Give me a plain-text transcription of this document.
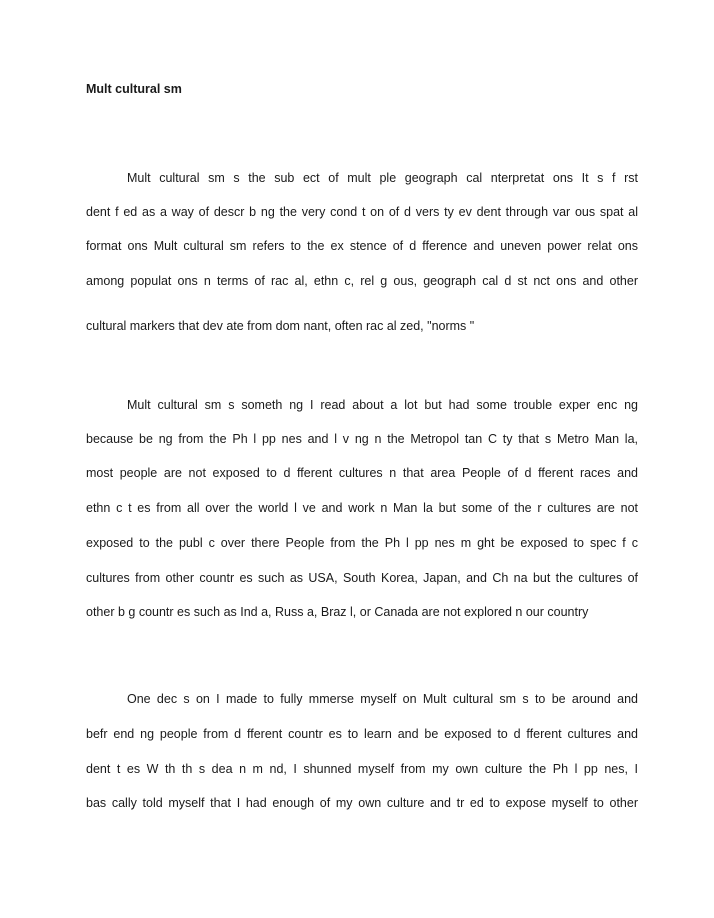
Mult cultural sm

Mult cultural sm s the sub ect of mult ple geograph cal nterpretat ons It s f rst

dent f ed as a way of descr b ng the very cond t on of d vers ty ev dent through var ous spat al

format ons Mult cultural sm refers to the ex stence of d fference and uneven power relat ons

among populat ons n terms of rac al, ethn c, rel g ous, geograph cal d st nct ons and other

cultural markers that dev ate from dom nant, often rac al zed, "norms "

Mult cultural sm s someth ng I read about a lot but had some trouble exper enc ng

because be ng from the Ph l pp nes and l v ng n the Metropol tan C ty that s Metro Man la,

most people are not exposed to d fferent cultures n that area People of d fferent races and

ethn c t es from all over the world l ve and work n Man la but some of the r cultures are not

exposed to the publ c over there People from the Ph l pp nes m ght be exposed to spec f c

cultures from other countr es such as USA, South Korea, Japan, and Ch na but the cultures of

other b g countr es such as Ind a, Russ a, Braz l, or Canada are not explored n our country

One dec s on I made to fully mmerse myself on Mult cultural sm s to be around and

befr end ng people from d fferent countr es to learn and be exposed to d fferent cultures and

dent t es W th th s dea n m nd, I shunned myself from my own culture the Ph l pp nes, I

bas cally told myself that I had enough of my own culture and tr ed to expose myself to other
